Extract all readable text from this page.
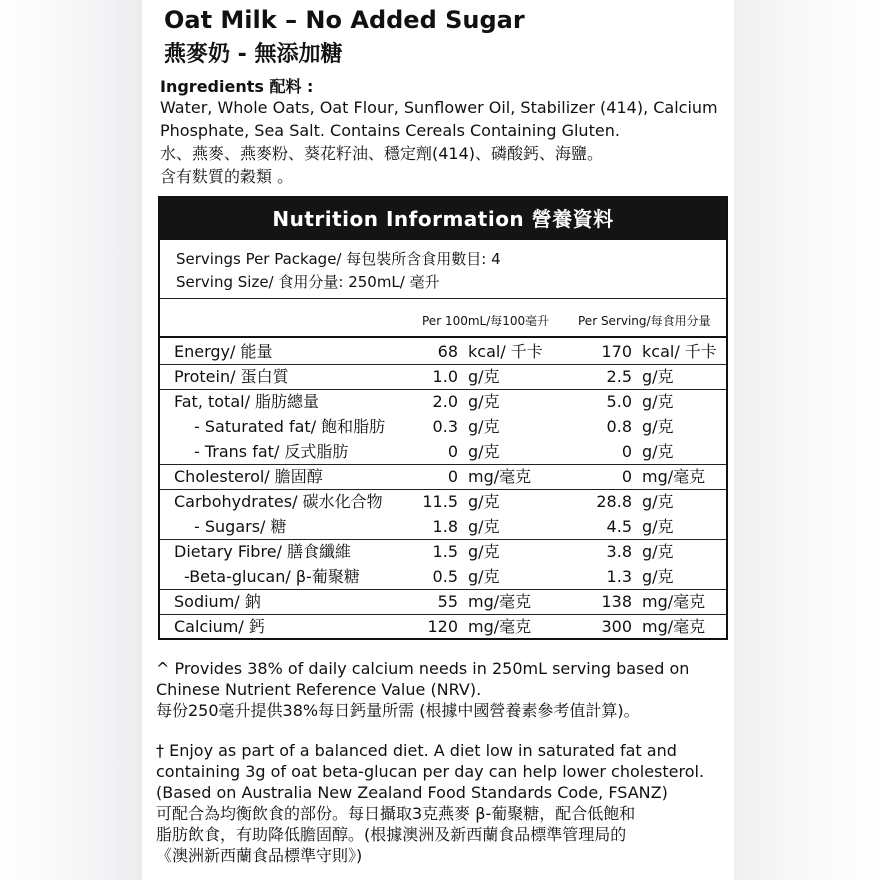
Oat Milk – No Added Sugar
燕麥奶 - 無添加糖
Ingredients 配料 :
Water, Whole Oats, Oat Flour, Sunflower Oil, Stabilizer (414), Calcium
Phosphate, Sea Salt. Contains Cereals Containing Gluten.
水、燕麥、燕麥粉、葵花籽油、穩定劑(414)、磷酸鈣、海鹽。
含有麩質的穀類 。
Nutrition Information 營養資料
Servings Per Package/ 每包裝所含食用數目: 4
Serving Size/ 食用分量: 250mL/ 毫升
Per 100mL/每100毫升 Per Serving/每食用分量
Energy/ 能量	68 kcal/ 千卡	170 kcal/ 千卡
Protein/ 蛋白質	1.0 g/克	2.5 g/克
Fat, total/ 脂肪總量	2.0 g/克	5.0 g/克
- Saturated fat/ 飽和脂肪	0.3 g/克	0.8 g/克
- Trans fat/ 反式脂肪	0 g/克	0 g/克
Cholesterol/ 膽固醇	0 mg/毫克	0 mg/毫克
Carbohydrates/ 碳水化合物	11.5 g/克	28.8 g/克
- Sugars/ 糖	1.8 g/克	4.5 g/克
Dietary Fibre/ 膳食纖維	1.5 g/克	3.8 g/克
-Beta-glucan/ β-葡聚糖	0.5 g/克	1.3 g/克
Sodium/ 鈉	55 mg/毫克	138 mg/毫克
Calcium/ 鈣	120 mg/毫克	300 mg/毫克
^ Provides 38% of daily calcium needs in 250mL serving based on
Chinese Nutrient Reference Value (NRV).
每份250毫升提供38%每日鈣量所需 (根據中國營養素參考值計算)。
† Enjoy as part of a balanced diet. A diet low in saturated fat and
containing 3g of oat beta-glucan per day can help lower cholesterol.
(Based on Australia New Zealand Food Standards Code, FSANZ)
可配合為均衡飲食的部份。每日攝取3克燕麥 β-葡聚糖，配合低飽和
脂肪飲食，有助降低膽固醇。(根據澳洲及新西蘭食品標準管理局的
《澳洲新西蘭食品標準守則》)
